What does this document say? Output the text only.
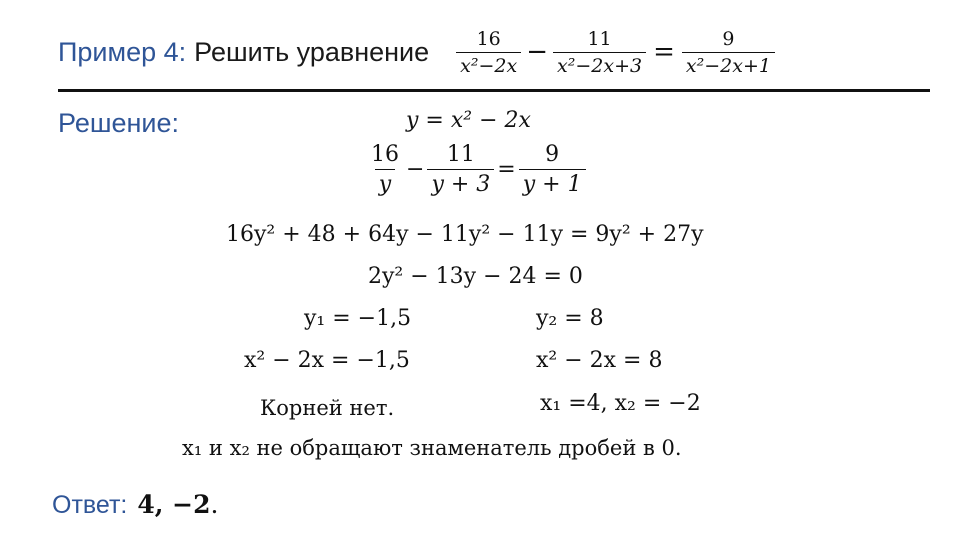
Пример 4: Решить уравнение $\frac{16}{\text{x²−2x}} - \frac{11}{\text{x²−2x+3}} = \frac{9}{\text{x²−2x+1}}$
Решение:	y = x² − 2x
$\frac{16}{y} - \frac{11}{y + 3} = \frac{9}{y + 1}$
16y² + 48 + 64y − 11y² − 11y = 9y² + 27y
2y² − 13y − 24 = 0
y₁ = −1,5	y₂ = 8
x² − 2x = −1,5	x² − 2x = 8
Корней нет.	x₁ =4, x₂ = −2
x₁ и x₂ не обращают знаменатель дробей в 0.
Ответ: 4, −2 .
